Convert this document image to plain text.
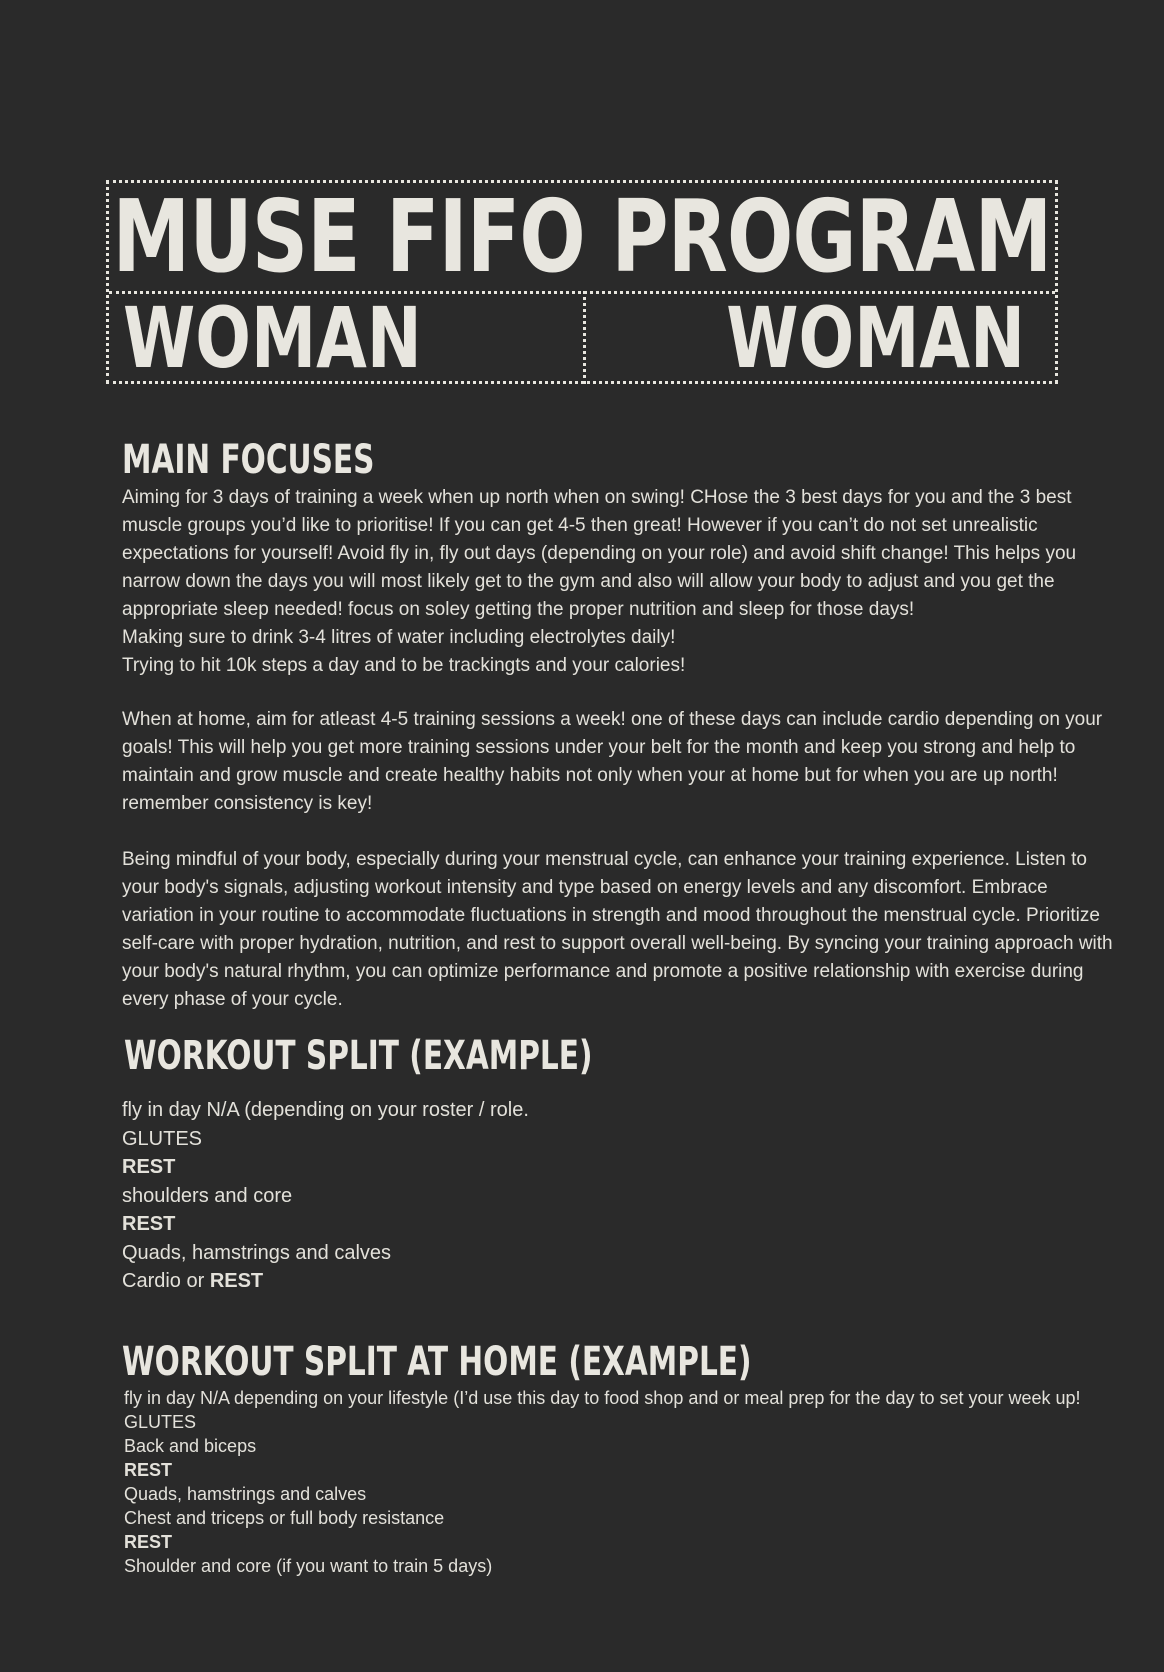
MUSE FIFO PROGRAM
WOMAN	WOMAN
MAIN FOCUSES

Aiming for 3 days of training a week when up north when on swing! CHose the 3 best days for you and the 3 best muscle groups you’d like to prioritise! If you can get 4-5 then great! However if you can’t do not set unrealistic expectations for yourself! Avoid fly in, fly out days (depending on your role) and avoid shift change! This helps you narrow down the days you will most likely get to the gym and also will allow your body to adjust and you get the appropriate sleep needed! focus on soley getting the proper nutrition and sleep for those days!

Making sure to drink 3-4 litres of water including electrolytes daily!

Trying to hit 10k steps a day and to be trackingts and your calories!

When at home, aim for atleast 4-5 training sessions a week! one of these days can include cardio depending on your goals! This will help you get more training sessions under your belt for the month and keep you strong and help to maintain and grow muscle and create healthy habits not only when your at home but for when you are up north! remember consistency is key!
Being mindful of your body, especially during your menstrual cycle, can enhance your training experience. Listen to your body's signals, adjusting workout intensity and type based on energy levels and any discomfort. Embrace variation in your routine to accommodate fluctuations in strength and mood throughout the menstrual cycle. Prioritize self-care with proper hydration, nutrition, and rest to support overall well-being. By syncing your training approach with your body's natural rhythm, you can optimize performance and promote a positive relationship with exercise during every phase of your cycle.
WORKOUT SPLIT (EXAMPLE)
fly in day N/A (depending on your roster / role.
GLUTES
REST
shoulders and core
REST
Quads, hamstrings and calves
Cardio or REST
WORKOUT SPLIT AT HOME (EXAMPLE)
fly in day N/A depending on your lifestyle (I’d use this day to food shop and or meal prep for the day to set your week up!
GLUTES
Back and biceps
REST
Quads, hamstrings and calves
Chest and triceps or full body resistance
REST
Shoulder and core (if you want to train 5 days)
